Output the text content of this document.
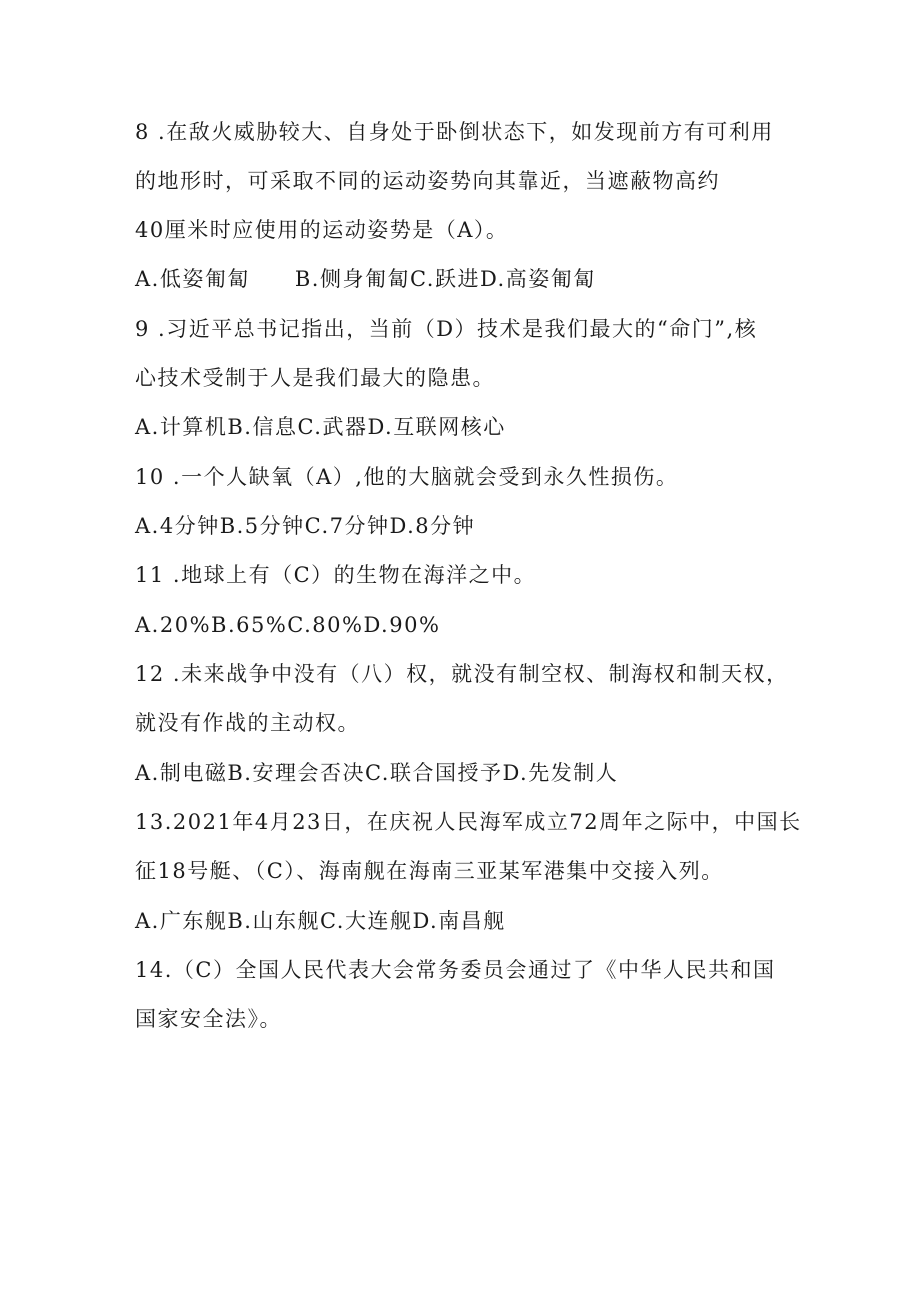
8 .在敌火威胁较大、自身处于卧倒状态下，如发现前方有可利用
的地形时，可采取不同的运动姿势向其靠近，当遮蔽物高约
40厘米时应使用的运动姿势是（A）。
A.低姿匍匐　　B.侧身匍匐C.跃进D.高姿匍匐
9 .习近平总书记指出，当前（D）技术是我们最大的“命门”,核
心技术受制于人是我们最大的隐患。
A.计算机B.信息C.武器D.互联网核心
10 .一个人缺氧（A）,他的大脑就会受到永久性损伤。
A.4分钟B.5分钟C.7分钟D.8分钟
11 .地球上有（C）的生物在海洋之中。
A.20%B.65%C.80%D.90%
12 .未来战争中没有（八）权，就没有制空权、制海权和制天权，
就没有作战的主动权。
A.制电磁B.安理会否决C.联合国授予D.先发制人
13.2021年4月23日，在庆祝人民海军成立72周年之际中，中国长
征18号艇、（C）、海南舰在海南三亚某军港集中交接入列。
A.广东舰B.山东舰C.大连舰D.南昌舰
14.（C）全国人民代表大会常务委员会通过了《中华人民共和国
国家安全法》。
